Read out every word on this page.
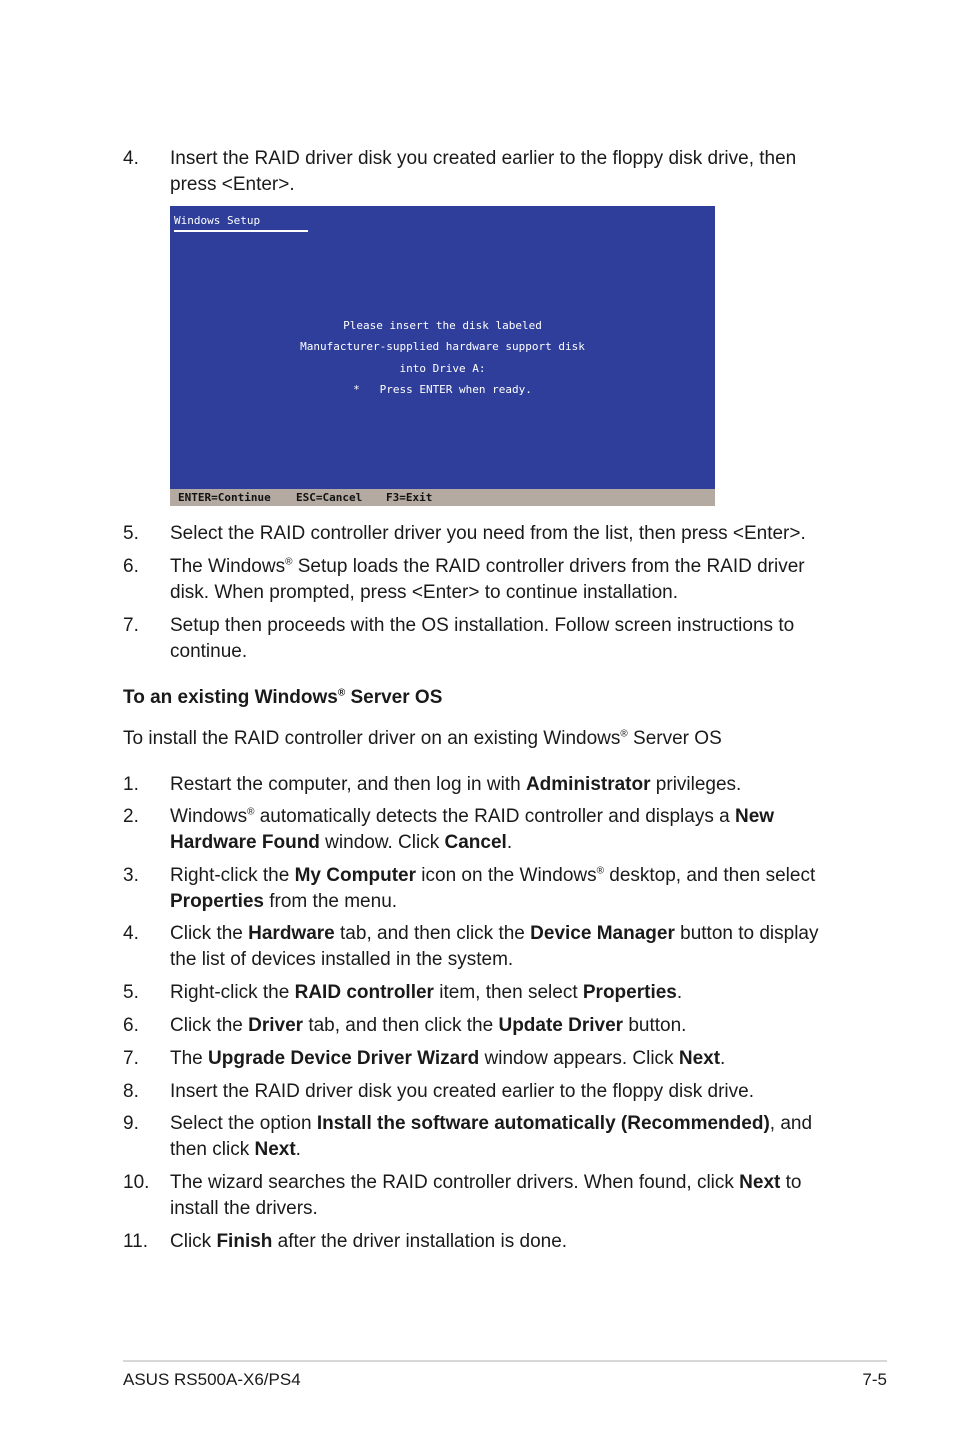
4. Insert the RAID driver disk you created earlier to the floppy disk drive, then press <Enter>.
Windows Setup
Please insert the disk labeled
Manufacturer-supplied hardware support disk
into Drive A:
*   Press ENTER when ready.
ENTER=Continue ESC=Cancel F3=Exit
5. Select the RAID controller driver you need from the list, then press <Enter>.
6. The Windows® Setup loads the RAID controller drivers from the RAID driver disk. When prompted, press <Enter> to continue installation.
7. Setup then proceeds with the OS installation. Follow screen instructions to continue.
To an existing Windows® Server OS
To install the RAID controller driver on an existing Windows® Server OS
1. Restart the computer, and then log in with Administrator privileges.
2. Windows® automatically detects the RAID controller and displays a New Hardware Found window. Click Cancel.
3. Right-click the My Computer icon on the Windows® desktop, and then select Properties from the menu.
4. Click the Hardware tab, and then click the Device Manager button to display the list of devices installed in the system.
5. Right-click the RAID controller item, then select Properties.
6. Click the Driver tab, and then click the Update Driver button.
7. The Upgrade Device Driver Wizard window appears. Click Next.
8. Insert the RAID driver disk you created earlier to the floppy disk drive.
9. Select the option Install the software automatically (Recommended), and then click Next.
10. The wizard searches the RAID controller drivers. When found, click Next to install the drivers.
11. Click Finish after the driver installation is done.
ASUS RS500A-X6/PS4	7-5
